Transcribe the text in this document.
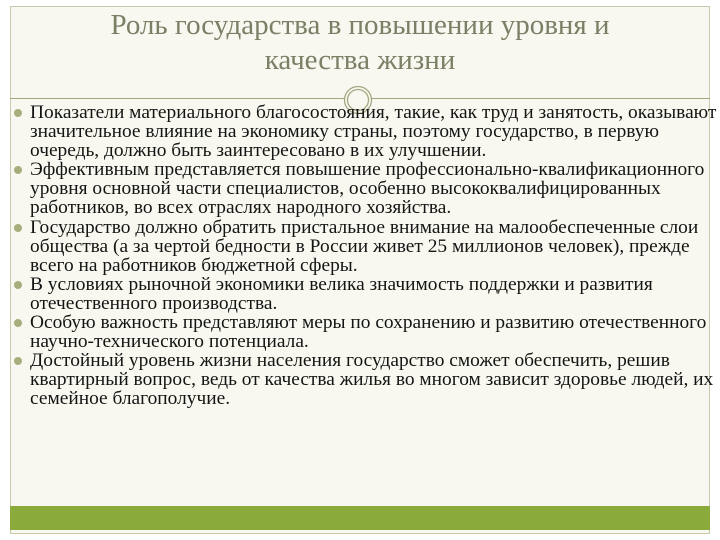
Роль государства в повышении уровня и
качества жизни
Показатели материального благосостояния, такие, как труд и занятость, оказывают значительное влияние на экономику страны, поэтому государство, в первую очередь, должно быть заинтересовано в их улучшении.
Эффективным представляется повышение профессионально-квалификационного уровня основной части специалистов, особенно высококвалифицированных работников, во всех отраслях народного хозяйства.
Государство должно обратить пристальное внимание на малообеспеченные слои общества (а за чертой бедности в России живет 25 миллионов человек), прежде всего на работников бюджетной сферы.
В условиях рыночной экономики велика значимость поддержки и развития отечественного производства.
Особую важность представляют меры по сохранению и развитию отечественного научно-технического потенциала.
Достойный уровень жизни населения государство сможет обеспечить, решив квартирный вопрос, ведь от качества жилья во многом зависит здоровье людей, их семейное благополучие.
